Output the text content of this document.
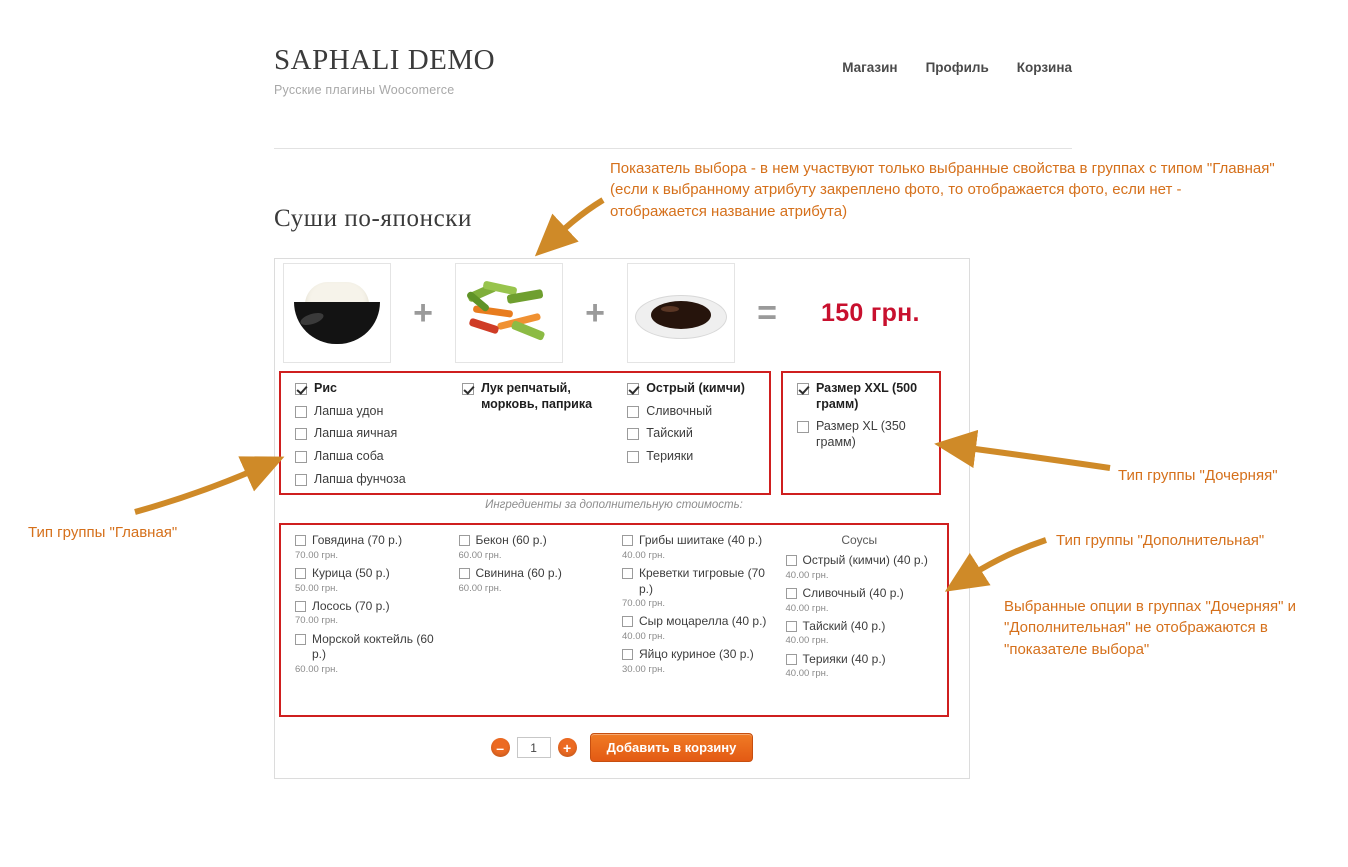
SAPHALI DEMO
Русские плагины Woocomerce
Магазин Профиль Корзина
Суши по-японски
+	+	=	150 грн.
Рис
Лапша удон
Лапша яичная
Лапша соба
Лапша фунчоза
Лук репчатый, морковь, паприка
Острый (кимчи)
Сливочный
Тайский
Терияки
Размер XXL (500 грамм)
Размер XL (350 грамм)
Ингредиенты за дополнительную стоимость:
Говядина (70 р.)
70.00 грн.
Курица (50 р.)
50.00 грн.
Лосось (70 р.)
70.00 грн.
Морской коктейль (60 р.)
60.00 грн.
Бекон (60 р.)
60.00 грн.
Свинина (60 р.)
60.00 грн.
Грибы шиитаке (40 р.)
40.00 грн.
Креветки тигровые (70 р.)
70.00 грн.
Сыр моцарелла (40 р.)
40.00 грн.
Яйцо куриное (30 р.)
30.00 грн.
Соусы
Острый (кимчи) (40 р.)
40.00 грн.
Сливочный (40 р.)
40.00 грн.
Тайский (40 р.)
40.00 грн.
Терияки (40 р.)
40.00 грн.
–
1	+	Добавить в корзину
Показатель выбора - в нем участвуют только выбранные свойства в группах с типом "Главная" (если к выбранному атрибуту закреплено фото, то отображается фото, если нет - отображается название атрибута)
Тип группы "Главная"
Тип группы "Дочерняя"
Тип группы "Дополнительная"
Выбранные опции в группах "Дочерняя" и "Дополнительная" не отображаются в "показателе выбора"
